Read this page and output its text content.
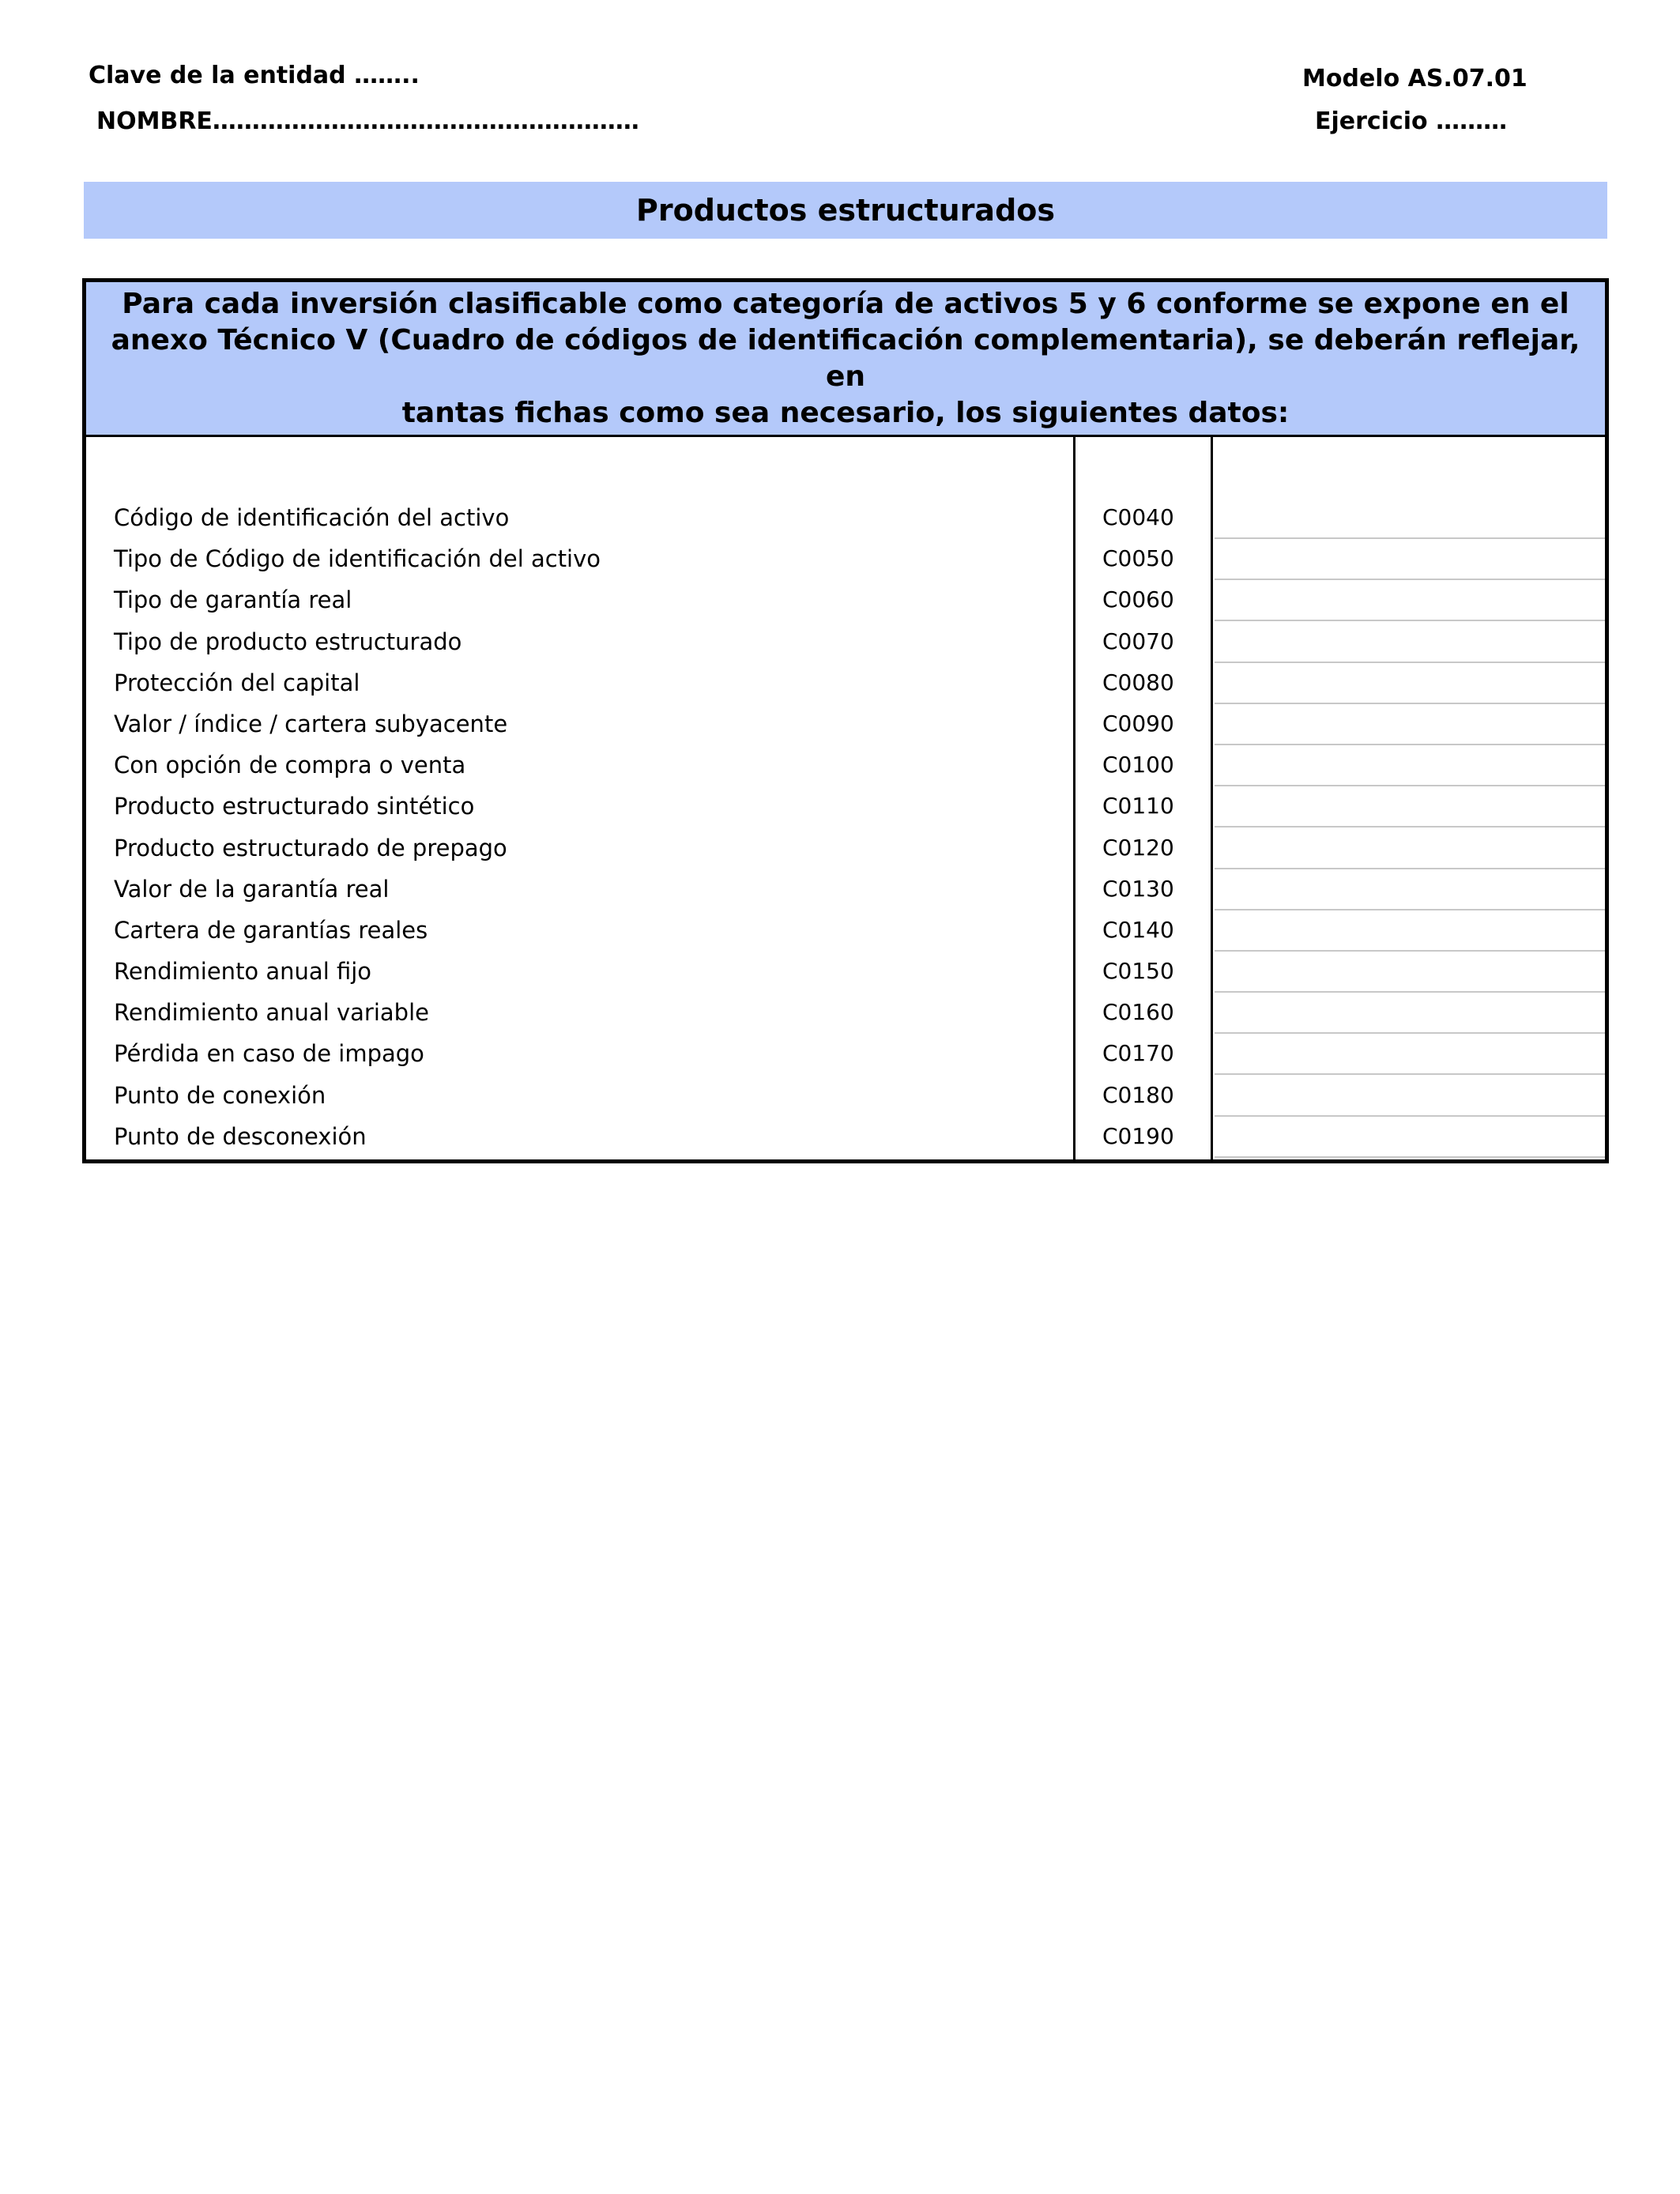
Clave de la entidad ……..
NOMBRE………………………………………………
Modelo AS.07.01
Ejercicio ………
Productos estructurados
Para cada inversión clasificable como categoría de activos 5 y 6 conforme se expone en el
anexo Técnico V (Cuadro de códigos de identificación complementaria), se deberán reflejar, en
tantas fichas como sea necesario, los siguientes datos:
Código de identificación del activo	C0040
Tipo de Código de identificación del activo	C0050
Tipo de garantía real	C0060
Tipo de producto estructurado	C0070
Protección del capital	C0080
Valor / índice / cartera subyacente	C0090
Con opción de compra o venta	C0100
Producto estructurado sintético	C0110
Producto estructurado de prepago	C0120
Valor de la garantía real	C0130
Cartera de garantías reales	C0140
Rendimiento anual fijo	C0150
Rendimiento anual variable	C0160
Pérdida en caso de impago	C0170
Punto de conexión	C0180
Punto de desconexión	C0190
